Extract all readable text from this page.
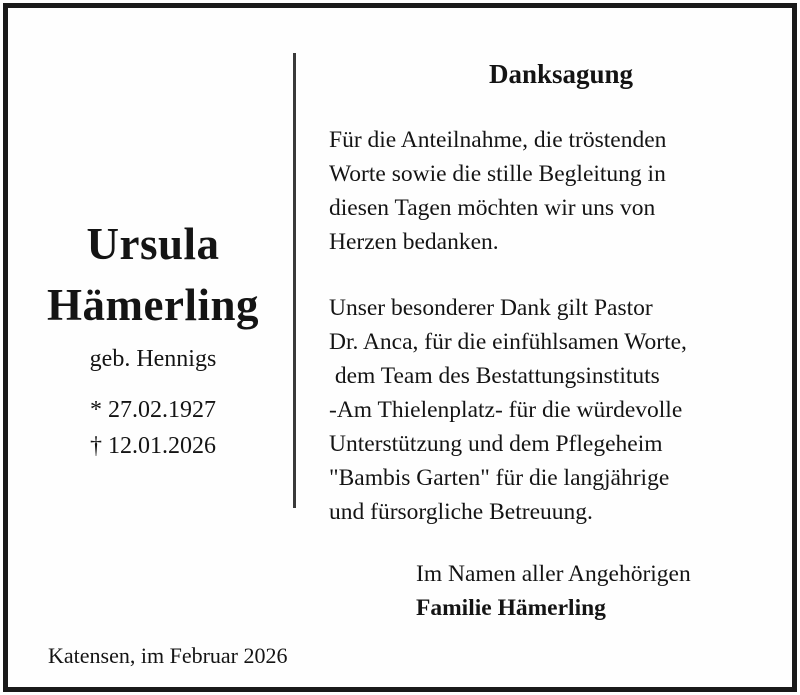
Ursula
Hämerling
geb. Hennigs
* 27.02.1927
† 12.01.2026
Danksagung
Für die Anteilnahme, die tröstenden
Worte sowie die stille Begleitung in
diesen Tagen möchten wir uns von
Herzen bedanken.
Unser besonderer Dank gilt Pastor
Dr. Anca, für die einfühlsamen Worte,
dem Team des Bestattungsinstituts
-Am Thielenplatz- für die würdevolle
Unterstützung und dem Pflegeheim
"Bambis Garten" für die langjährige
und fürsorgliche Betreuung.
Im Namen aller Angehörigen
Familie Hämerling
Katensen, im Februar 2026
